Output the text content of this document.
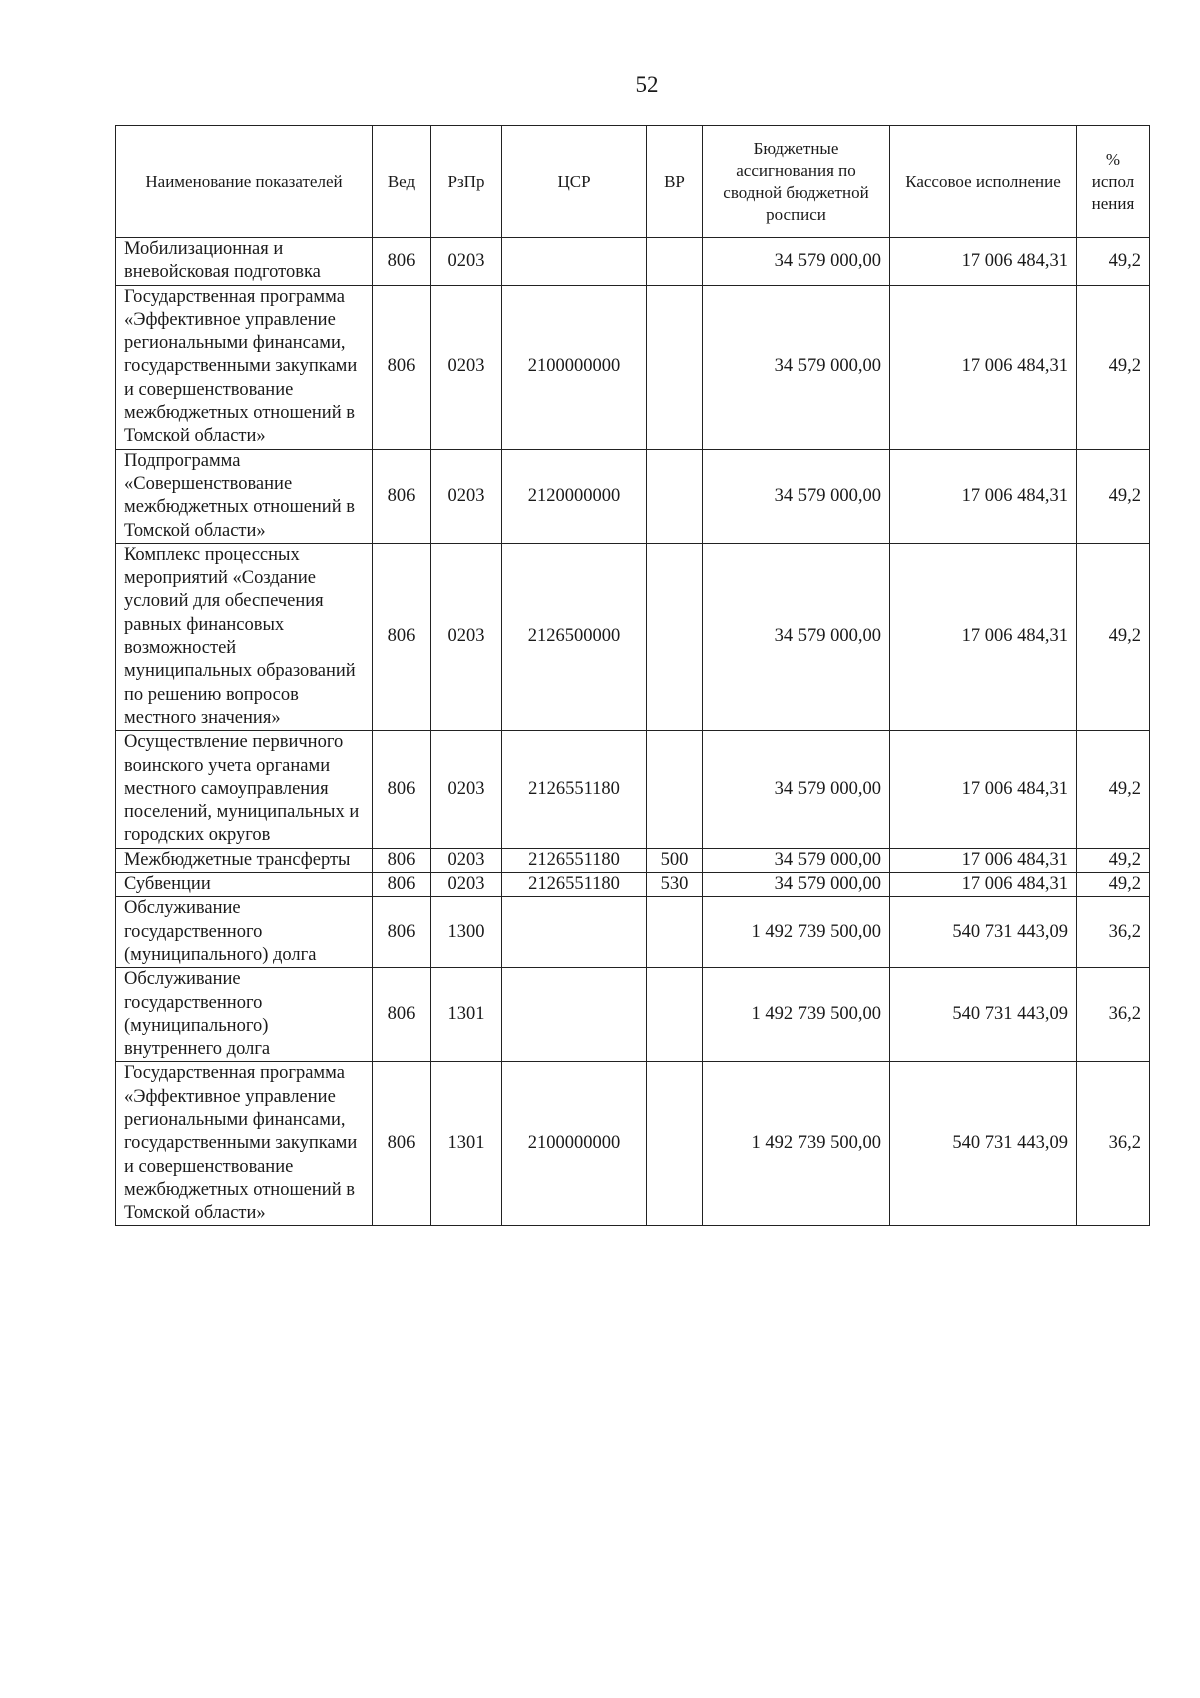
52
Наименование показателей	Вед	РзПр	ЦСР	ВР	Бюджетные ассигнования по сводной бюджетной росписи	Кассовое исполнение	% испол нения
Мобилизационная и вневойсковая подготовка	806	0203			34 579 000,00	17 006 484,31	49,2
Государственная программа «Эффективное управление региональными финансами, государственными закупками и совершенствование межбюджетных отношений в Томской области»	806	0203	2100000000		34 579 000,00	17 006 484,31	49,2
Подпрограмма «Совершенствование межбюджетных отношений в Томской области»	806	0203	2120000000		34 579 000,00	17 006 484,31	49,2
Комплекс процессных мероприятий «Создание условий для обеспечения равных финансовых возможностей муниципальных образований по решению вопросов местного значения»	806	0203	2126500000		34 579 000,00	17 006 484,31	49,2
Осуществление первичного воинского учета органами местного самоуправления поселений, муниципальных и городских округов	806	0203	2126551180		34 579 000,00	17 006 484,31	49,2
Межбюджетные трансферты	806	0203	2126551180	500	34 579 000,00	17 006 484,31	49,2
Субвенции	806	0203	2126551180	530	34 579 000,00	17 006 484,31	49,2
Обслуживание государственного (муниципального) долга	806	1300			1 492 739 500,00	540 731 443,09	36,2
Обслуживание государственного (муниципального) внутреннего долга	806	1301			1 492 739 500,00	540 731 443,09	36,2
Государственная программа «Эффективное управление региональными финансами, государственными закупками и совершенствование межбюджетных отношений в Томской области»	806	1301	2100000000		1 492 739 500,00	540 731 443,09	36,2
